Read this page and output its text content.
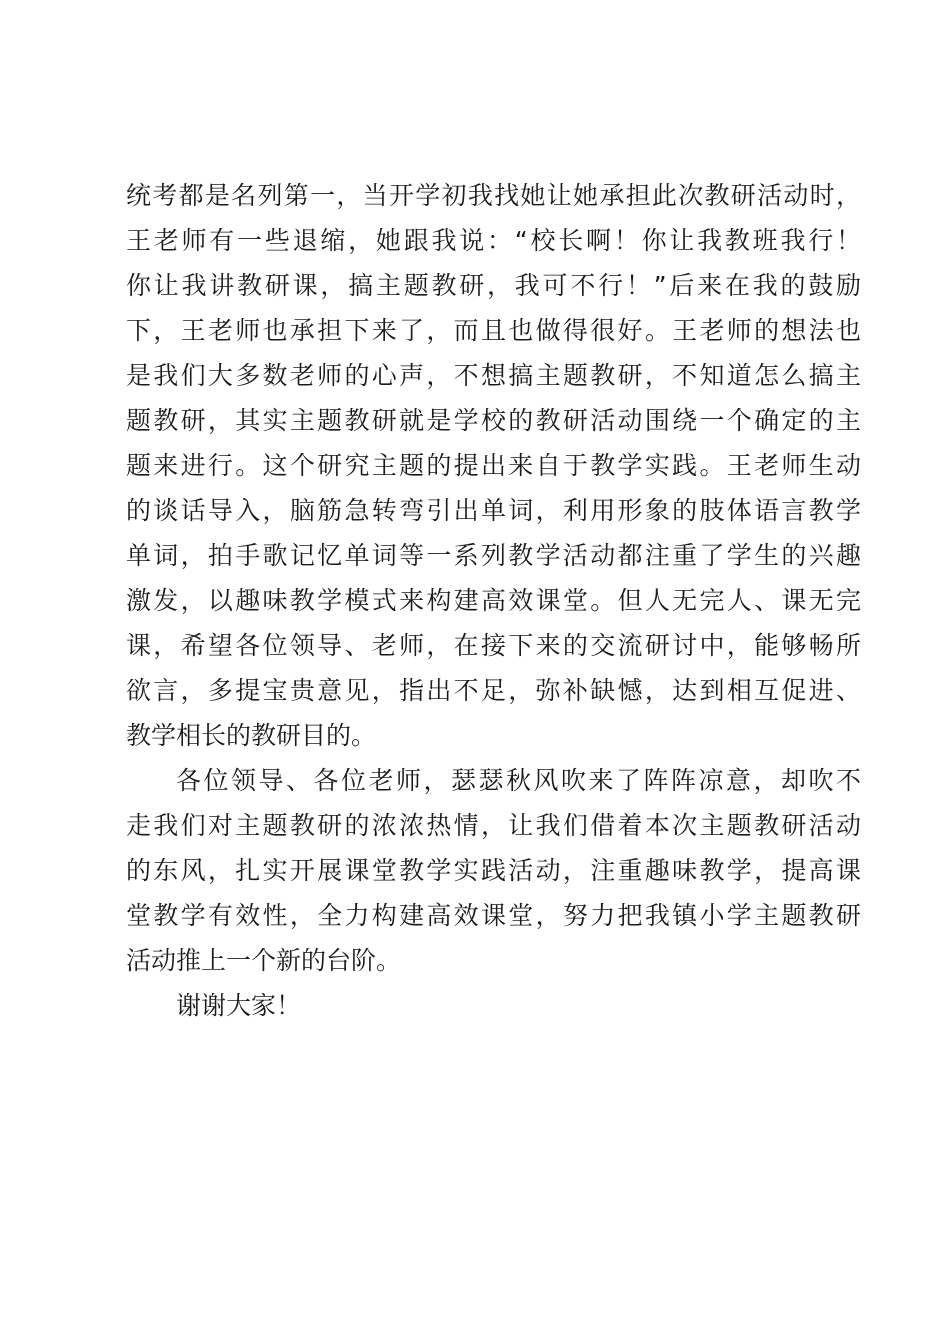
统考都是名列第一，当开学初我找她让她承担此次教研活动时，
王老师有一些退缩，她跟我说：“校长啊！你让我教班我行！
你让我讲教研课，搞主题教研，我可不行！”后来在我的鼓励
下，王老师也承担下来了，而且也做得很好。王老师的想法也
是我们大多数老师的心声，不想搞主题教研，不知道怎么搞主
题教研，其实主题教研就是学校的教研活动围绕一个确定的主
题来进行。这个研究主题的提出来自于教学实践。王老师生动
的谈话导入，脑筋急转弯引出单词，利用形象的肢体语言教学
单词，拍手歌记忆单词等一系列教学活动都注重了学生的兴趣
激发，以趣味教学模式来构建高效课堂。但人无完人、课无完
课，希望各位领导、老师，在接下来的交流研讨中，能够畅所
欲言，多提宝贵意见，指出不足，弥补缺憾，达到相互促进、
教学相长的教研目的。
各位领导、各位老师，瑟瑟秋风吹来了阵阵凉意，却吹不
走我们对主题教研的浓浓热情，让我们借着本次主题教研活动
的东风，扎实开展课堂教学实践活动，注重趣味教学，提高课
堂教学有效性，全力构建高效课堂，努力把我镇小学主题教研
活动推上一个新的台阶。
谢谢大家！
